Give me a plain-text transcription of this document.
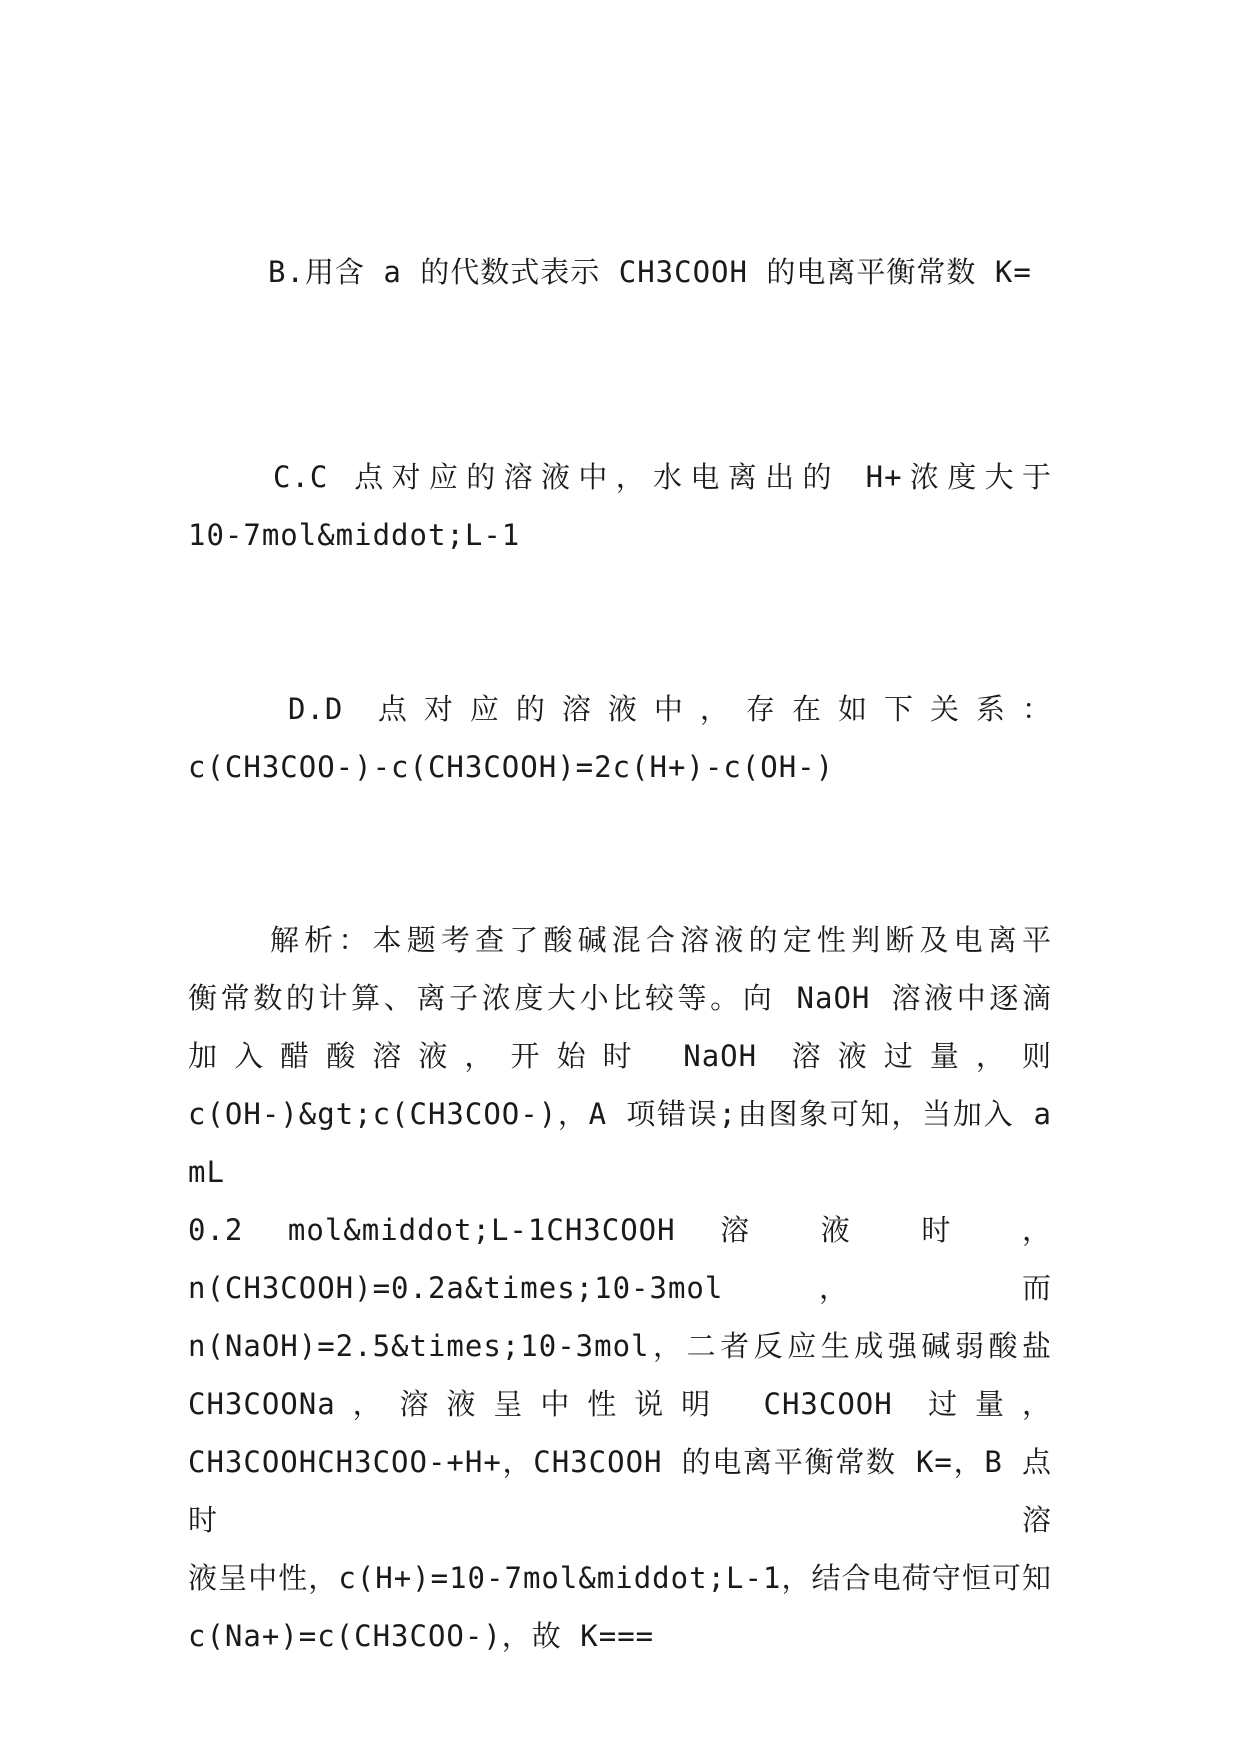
B.用含 a 的代数式表示 CH3COOH 的电离平衡常数 K=
C.C 点对应的溶液中，水电离出的 H+浓度大于
10-7mol&middot;L-1
D.D 点对应的溶液中，存在如下关系：
c(CH3COO-)-c(CH3COOH)=2c(H+)-c(OH-)
解析：本题考查了酸碱混合溶液的定性判断及电离平
衡常数的计算、离子浓度大小比较等。向 NaOH 溶液中逐滴
加入醋酸溶液，开始时 NaOH 溶液过量，则
c(OH-)&gt;c(CH3COO-)，A 项错误;由图象可知，当加入 a mL
0.2 mol&middot;L-1CH3COOH 溶 液 时 ，
n(CH3COOH)=0.2a&times;10-3mol ， 而
n(NaOH)=2.5&times;10-3mol，二者反应生成强碱弱酸盐
CH3COONa，溶液呈中性说明 CH3COOH 过量，
CH3COOHCH3COO-+H+，CH3COOH 的电离平衡常数 K=，B 点时溶
液呈中性，c(H+)=10-7mol&middot;L-1，结合电荷守恒可知
c(Na+)=c(CH3COO-)，故 K===
